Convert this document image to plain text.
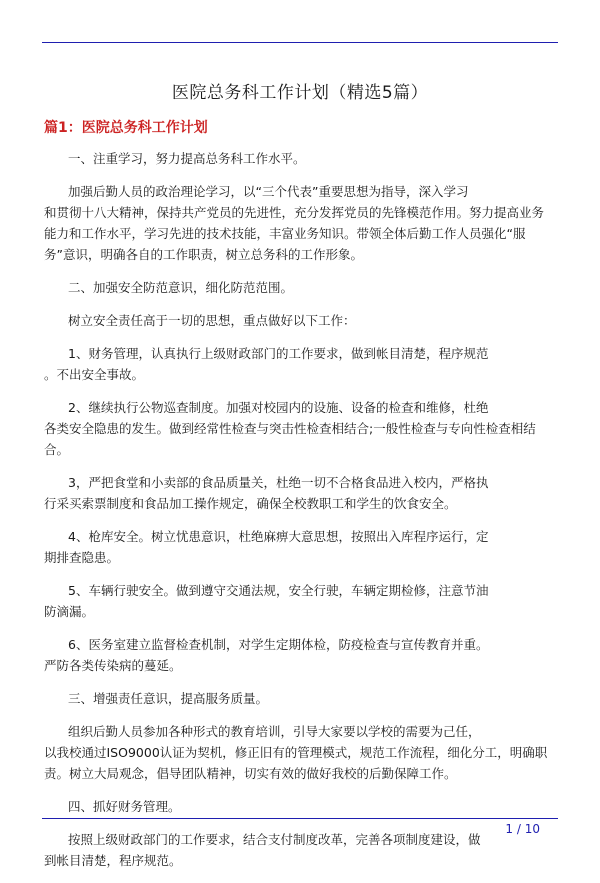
医院总务科工作计划（精选5篇）
篇1：医院总务科工作计划

一、注重学习，努力提高总务科工作水平。

加强后勤人员的政治理论学习，以“三个代表”重要思想为指导，深入学习
和贯彻十八大精神，保持共产党员的先进性，充分发挥党员的先锋模范作用。努力提高业务能力和工作水平，学习先进的技术技能，丰富业务知识。带领全体后勤工作人员强化“服务”意识，明确各自的工作职责，树立总务科的工作形象。

二、加强安全防范意识，细化防范范围。

树立安全责任高于一切的思想，重点做好以下工作：

1、财务管理，认真执行上级财政部门的工作要求，做到帐目清楚，程序规范
。不出安全事故。

2、继续执行公物巡查制度。加强对校园内的设施、设备的检查和维修，杜绝
各类安全隐患的发生。做到经常性检查与突击性检查相结合;一般性检查与专向性检查相结合。

3，严把食堂和小卖部的食品质量关，杜绝一切不合格食品进入校内，严格执
行采买索票制度和食品加工操作规定，确保全校教职工和学生的饮食安全。

4、枪库安全。树立忧患意识，杜绝麻痹大意思想，按照出入库程序运行，定
期排查隐患。

5、车辆行驶安全。做到遵守交通法规，安全行驶，车辆定期检修，注意节油
防滴漏。

6、医务室建立监督检查机制，对学生定期体检，防疫检查与宣传教育并重。
严防各类传染病的蔓延。

三、增强责任意识，提高服务质量。

组织后勤人员参加各种形式的教育培训，引导大家要以学校的需要为己任，
以我校通过ISO9000认证为契机，修正旧有的管理模式，规范工作流程，细化分工，明确职责。树立大局观念，倡导团队精神，切实有效的做好我校的后勤保障工作。

四、抓好财务管理。

按照上级财政部门的工作要求，结合支付制度改革，完善各项制度建设，做
到帐目清楚，程序规范。

1 / 10
